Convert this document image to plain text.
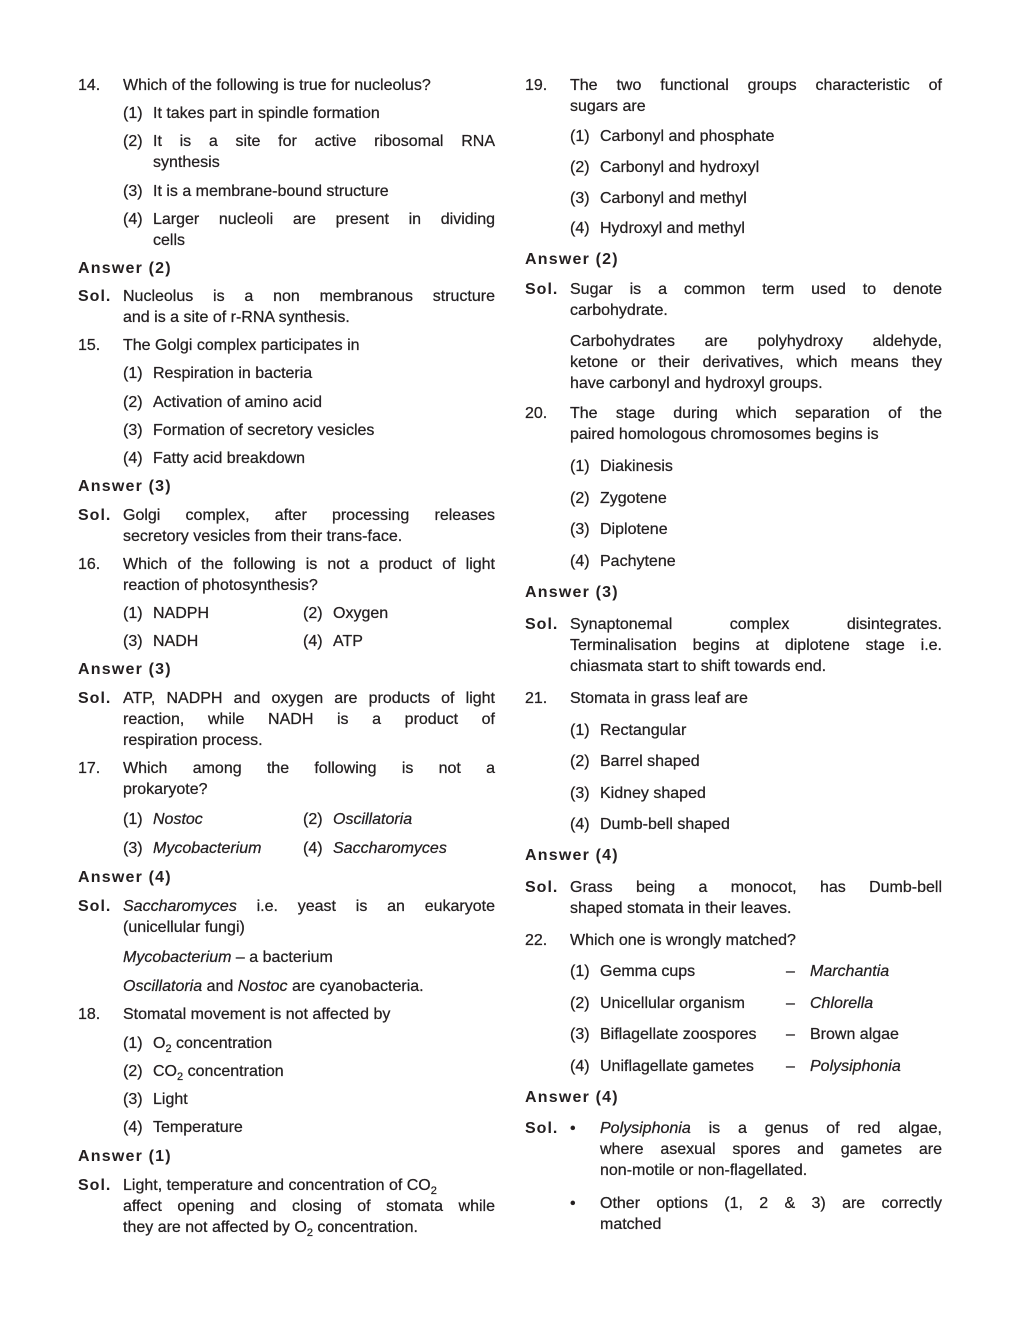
14. Which of the following is true for nucleolus?
(1) It takes part in spindle formation
(2) It is a site for active ribosomal RNA
synthesis
(3) It is a membrane-bound structure
(4) Larger nucleoli are present in dividing
cells
Answer (2)
Sol. Nucleolus is a non membranous structure
and is a site of r-RNA synthesis.
15. The Golgi complex participates in
(1) Respiration in bacteria
(2) Activation of amino acid
(3) Formation of secretory vesicles
(4) Fatty acid breakdown
Answer (3)
Sol. Golgi complex, after processing releases
secretory vesicles from their trans-face.
16. Which of the following is not a product of light
reaction of photosynthesis?
(1) NADPH	(2) Oxygen
(3) NADH	(4) ATP
Answer (3)
Sol. ATP, NADPH and oxygen are products of light
reaction, while NADH is a product of
respiration process.
17. Which among the following is not a
prokaryote?
(1) Nostoc	(2) Oscillatoria
(3) Mycobacterium	(4) Saccharomyces
Answer (4)
Sol. Saccharomyces i.e. yeast is an eukaryote
(unicellular fungi)
Mycobacterium – a bacterium
Oscillatoria and Nostoc are cyanobacteria.
18. Stomatal movement is not affected by
(1) $O_2$ concentration
(2) $CO_2$ concentration
(3) Light
(4) Temperature
Answer (1)
Sol. Light, temperature and concentration of $CO_2$
affect opening and closing of stomata while
they are not affected by $O_2$ concentration.
19. The two functional groups characteristic of
sugars are
(1) Carbonyl and phosphate
(2) Carbonyl and hydroxyl
(3) Carbonyl and methyl
(4) Hydroxyl and methyl
Answer (2)
Sol. Sugar is a common term used to denote
carbohydrate.
Carbohydrates are polyhydroxy aldehyde,
ketone or their derivatives, which means they
have carbonyl and hydroxyl groups.
20. The stage during which separation of the
paired homologous chromosomes begins is
(1) Diakinesis
(2) Zygotene
(3) Diplotene
(4) Pachytene
Answer (3)
Sol. Synaptonemal complex disintegrates.
Terminalisation begins at diplotene stage i.e.
chiasmata start to shift towards end.
21. Stomata in grass leaf are
(1) Rectangular
(2) Barrel shaped
(3) Kidney shaped
(4) Dumb-bell shaped
Answer (4)
Sol. Grass being a monocot, has Dumb-bell
shaped stomata in their leaves.
22. Which one is wrongly matched?
(1) Gemma cups	– Marchantia
(2) Unicellular organism	– Chlorella
(3) Biflagellate zoospores – Brown algae
(4) Uniflagellate gametes – Polysiphonia
Answer (4)
Sol. • Polysiphonia is a genus of red algae,
where asexual spores and gametes are
non-motile or non-flagellated.
• Other options (1, 2 & 3) are correctly
matched
